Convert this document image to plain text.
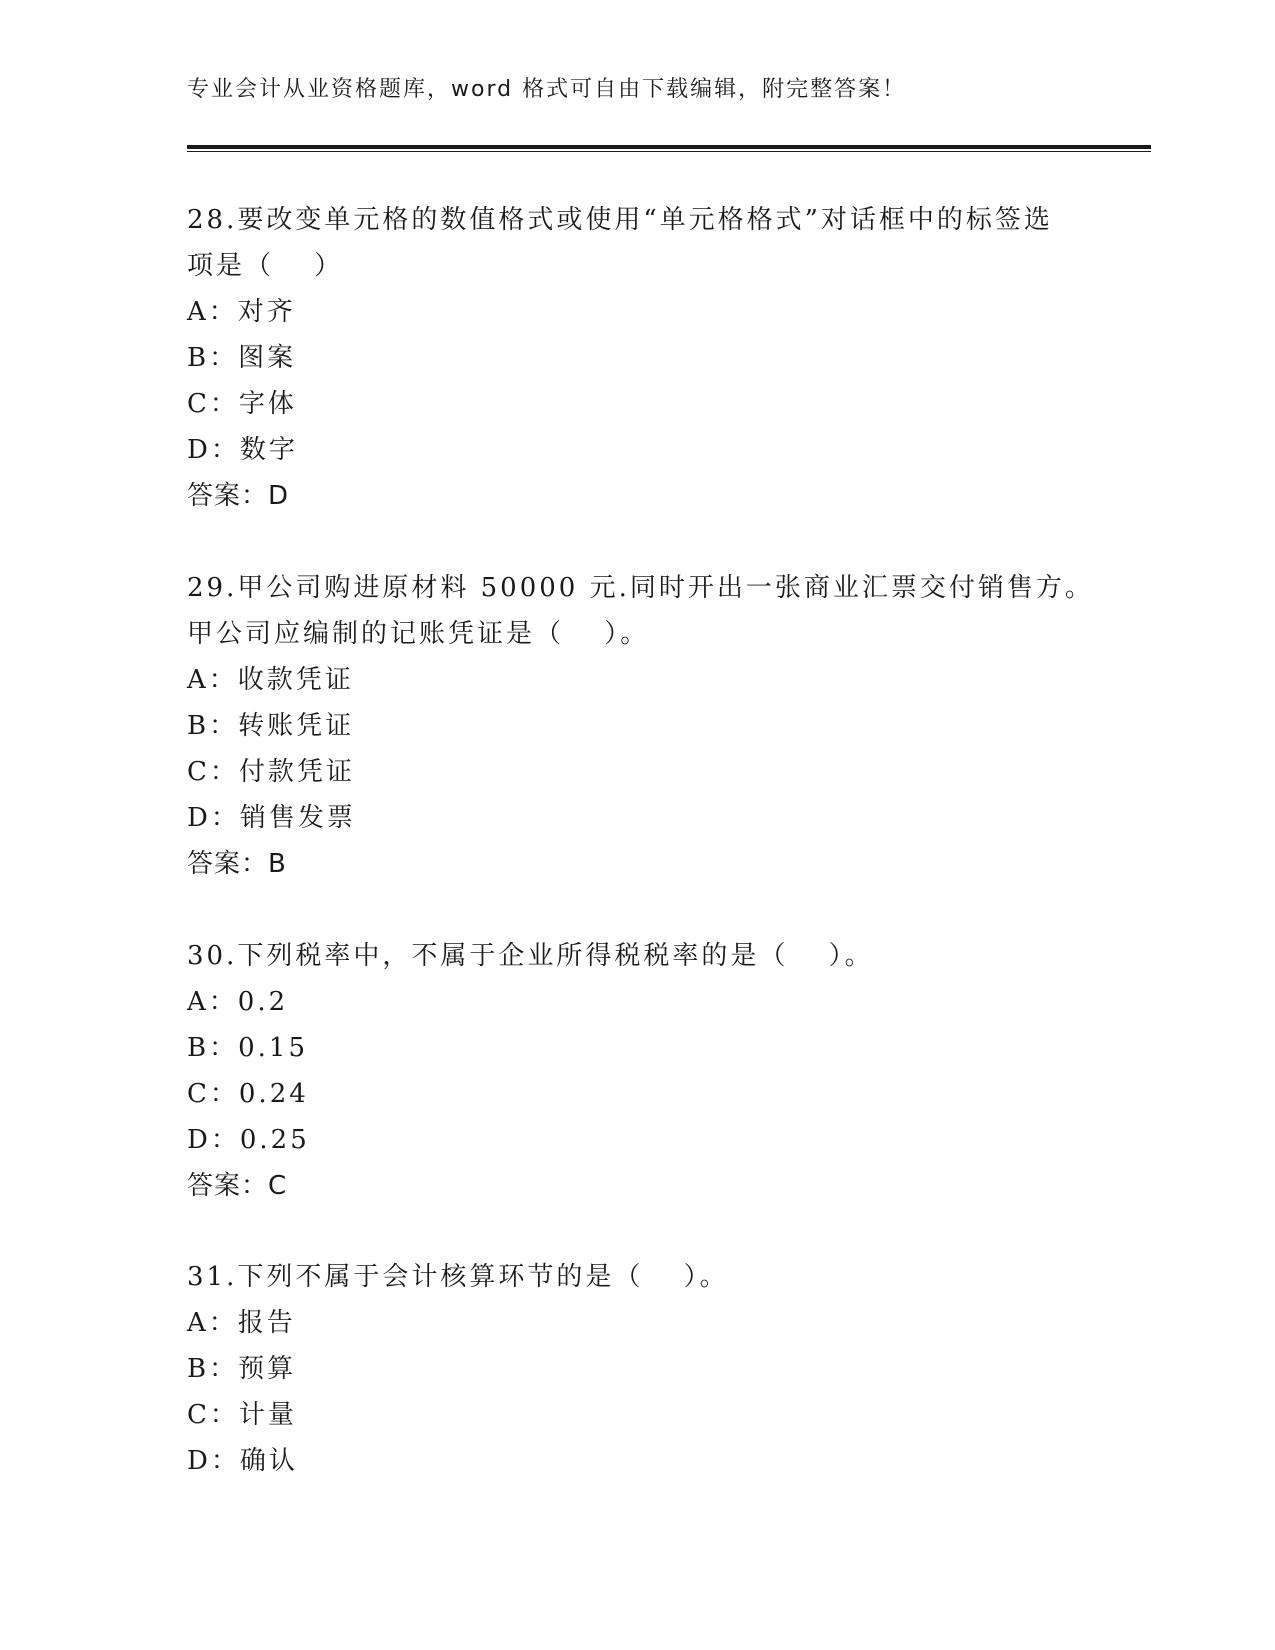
专业会计从业资格题库，word 格式可自由下载编辑，附完整答案！
28.要改变单元格的数值格式或使用“单元格格式”对话框中的标签选
项是（　 ）
A：对齐
B：图案
C：字体
D：数字
答案：D
29.甲公司购进原材料 50000 元.同时开出一张商业汇票交付销售方。
甲公司应编制的记账凭证是（　 ）。
A：收款凭证
B：转账凭证
C：付款凭证
D：销售发票
答案：B
30.下列税率中，不属于企业所得税税率的是（　 ）。
A：0.2
B：0.15
C：0.24
D：0.25
答案：C
31.下列不属于会计核算环节的是（　 ）。
A：报告
B：预算
C：计量
D：确认
